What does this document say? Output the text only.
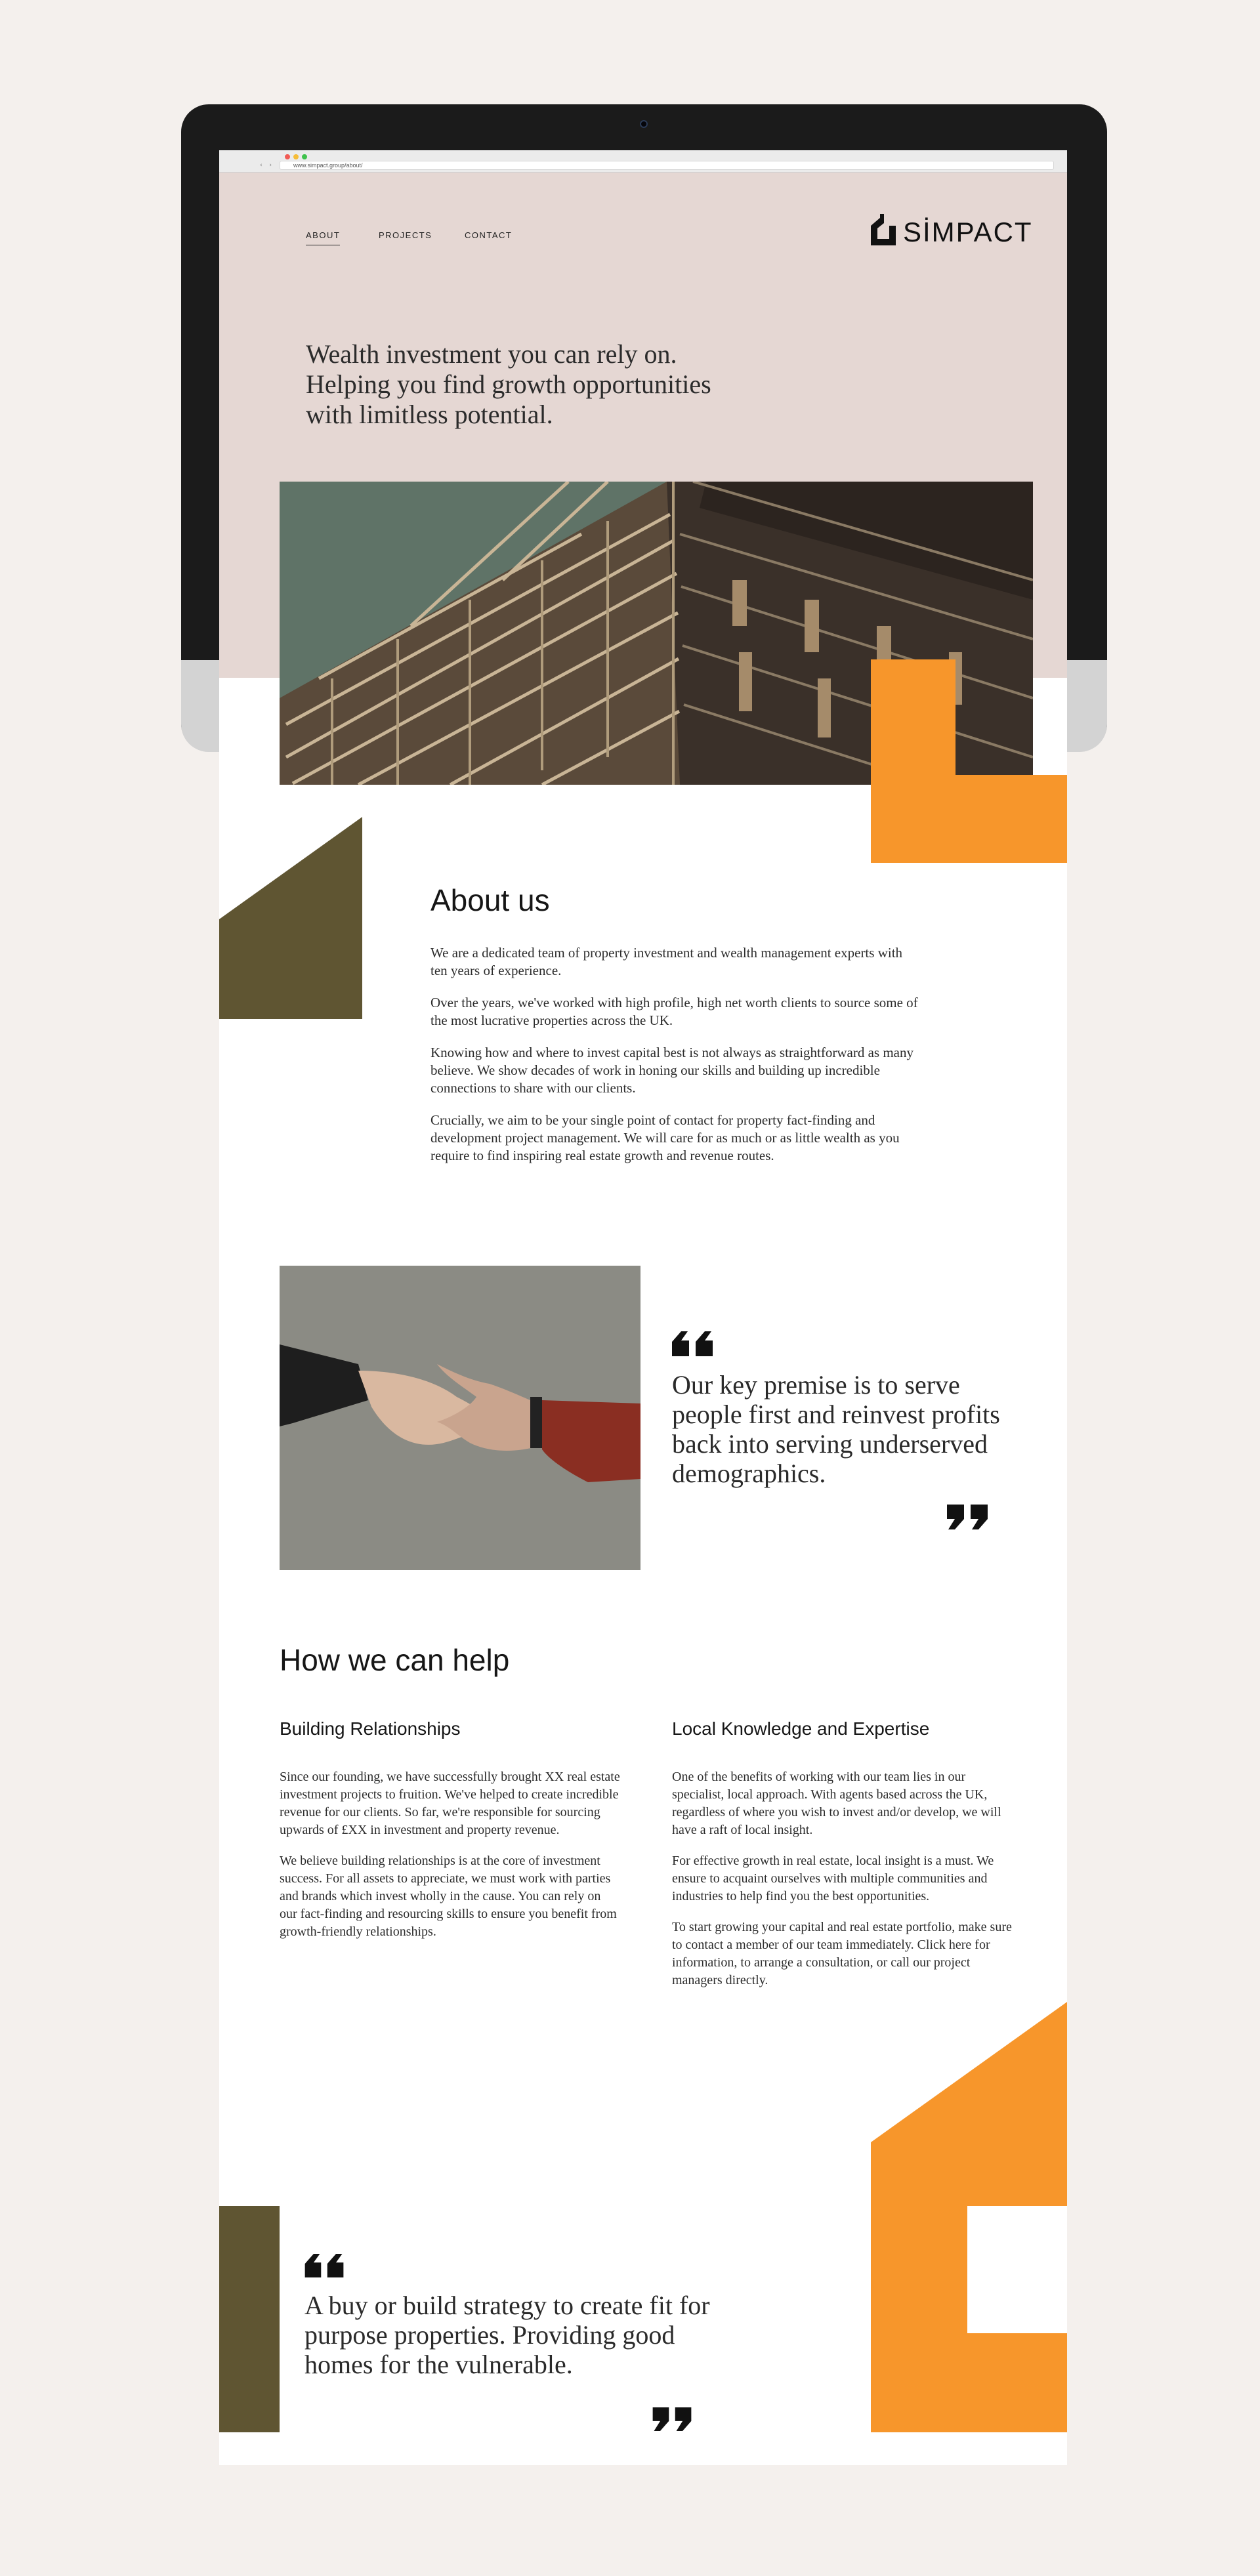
‹ ›	www.simpact.group/about/
ABOUT	PROJECTS	CONTACT	SİMPACT
Wealth investment you can rely on.
Helping you find growth opportunities
with limitless potential.
About us

We are a dedicated team of property investment and wealth management experts with ten years of experience.

Over the years, we've worked with high profile, high net worth clients to source some of the most lucrative properties across the UK.

Knowing how and where to invest capital best is not always as straightforward as many believe. We show decades of work in honing our skills and building up incredible connections to share with our clients.

Crucially, we aim to be your single point of contact for property fact-finding and development project management. We will care for as much or as little wealth as you require to find inspiring real estate growth and revenue routes.

Our key premise is to serve people first and reinvest profits back into serving underserved demographics.
How we can help
Building Relationships	Local Knowledge and Expertise

Since our founding, we have successfully brought XX real estate investment projects to fruition. We've helped to create incredible revenue for our clients. So far, we're responsible for sourcing upwards of £XX in investment and property revenue.

We believe building relationships is at the core of investment success. For all assets to appreciate, we must work with parties and brands which invest wholly in the cause. You can rely on our fact-finding and resourcing skills to ensure you benefit from growth-friendly relationships.

One of the benefits of working with our team lies in our specialist, local approach. With agents based across the UK, regardless of where you wish to invest and/or develop, we will have a raft of local insight.

For effective growth in real estate, local insight is a must. We ensure to acquaint ourselves with multiple communities and industries to help find you the best opportunities.

To start growing your capital and real estate portfolio, make sure to contact a member of our team immediately. Click here for information, to arrange a consultation, or call our project managers directly.

A buy or build strategy to create fit for purpose properties. Providing good homes for the vulnerable.
